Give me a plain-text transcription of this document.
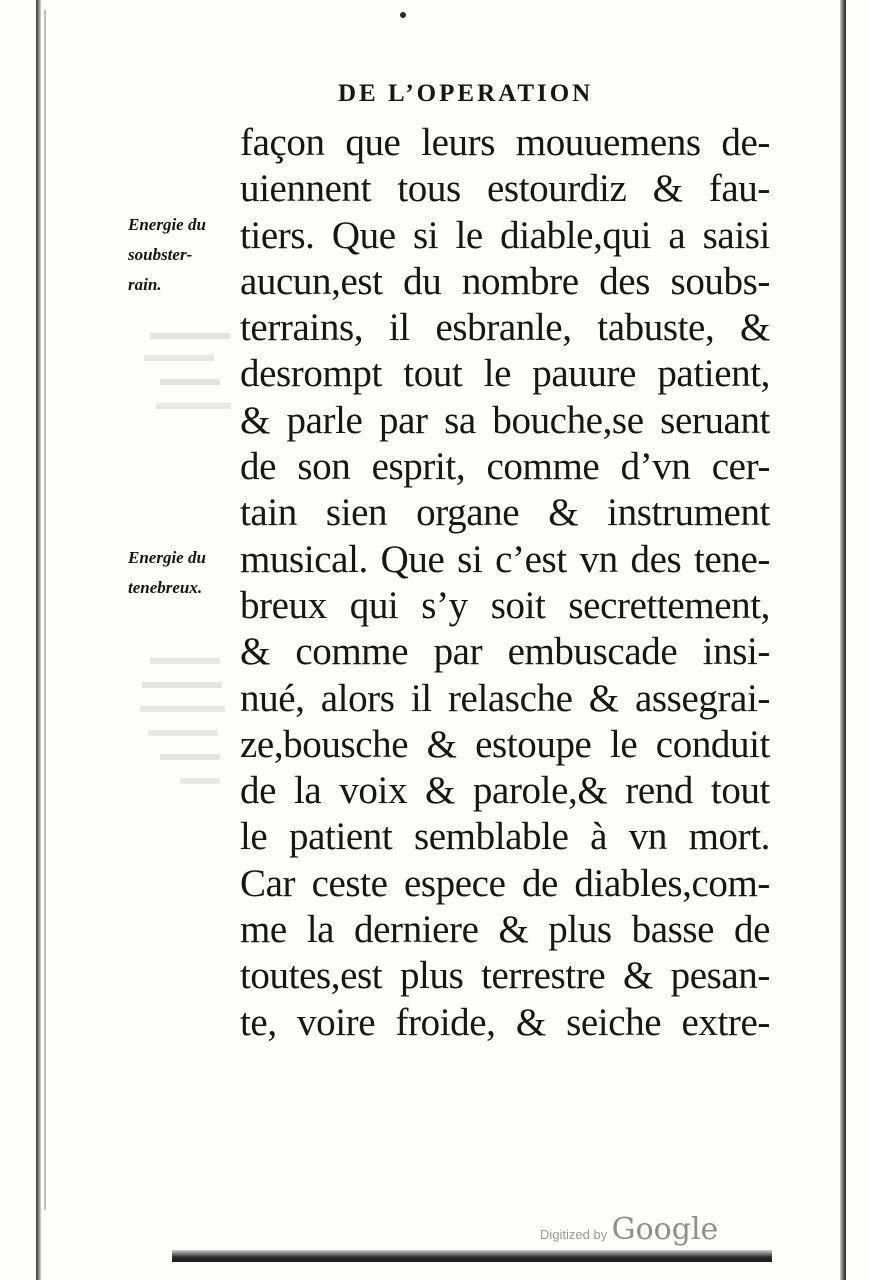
DE L’OPERATION
Energie du
soubster-
rain.
Energie du
tenebreux.
façon que leurs mouuemens de-
uiennent tous estourdiz & fau-
tiers. Que si le diable,qui a saisi
aucun,est du nombre des soubs-
terrains, il esbranle, tabuste, &
desrompt tout le pauure patient,
& parle par sa bouche,se seruant
de son esprit, comme d’vn cer-
tain sien organe & instrument
musical. Que si c’est vn des tene-
breux qui s’y soit secrettement,
& comme par embuscade insi-
nué, alors il relasche & assegrai-
ze,bousche & estoupe le conduit
de la voix & parole,& rend tout
le patient semblable à vn mort.
Car ceste espece de diables,com-
me la derniere & plus basse de
toutes,est plus terrestre & pesan-
te, voire froide, & seiche extre-
Digitized by Google
